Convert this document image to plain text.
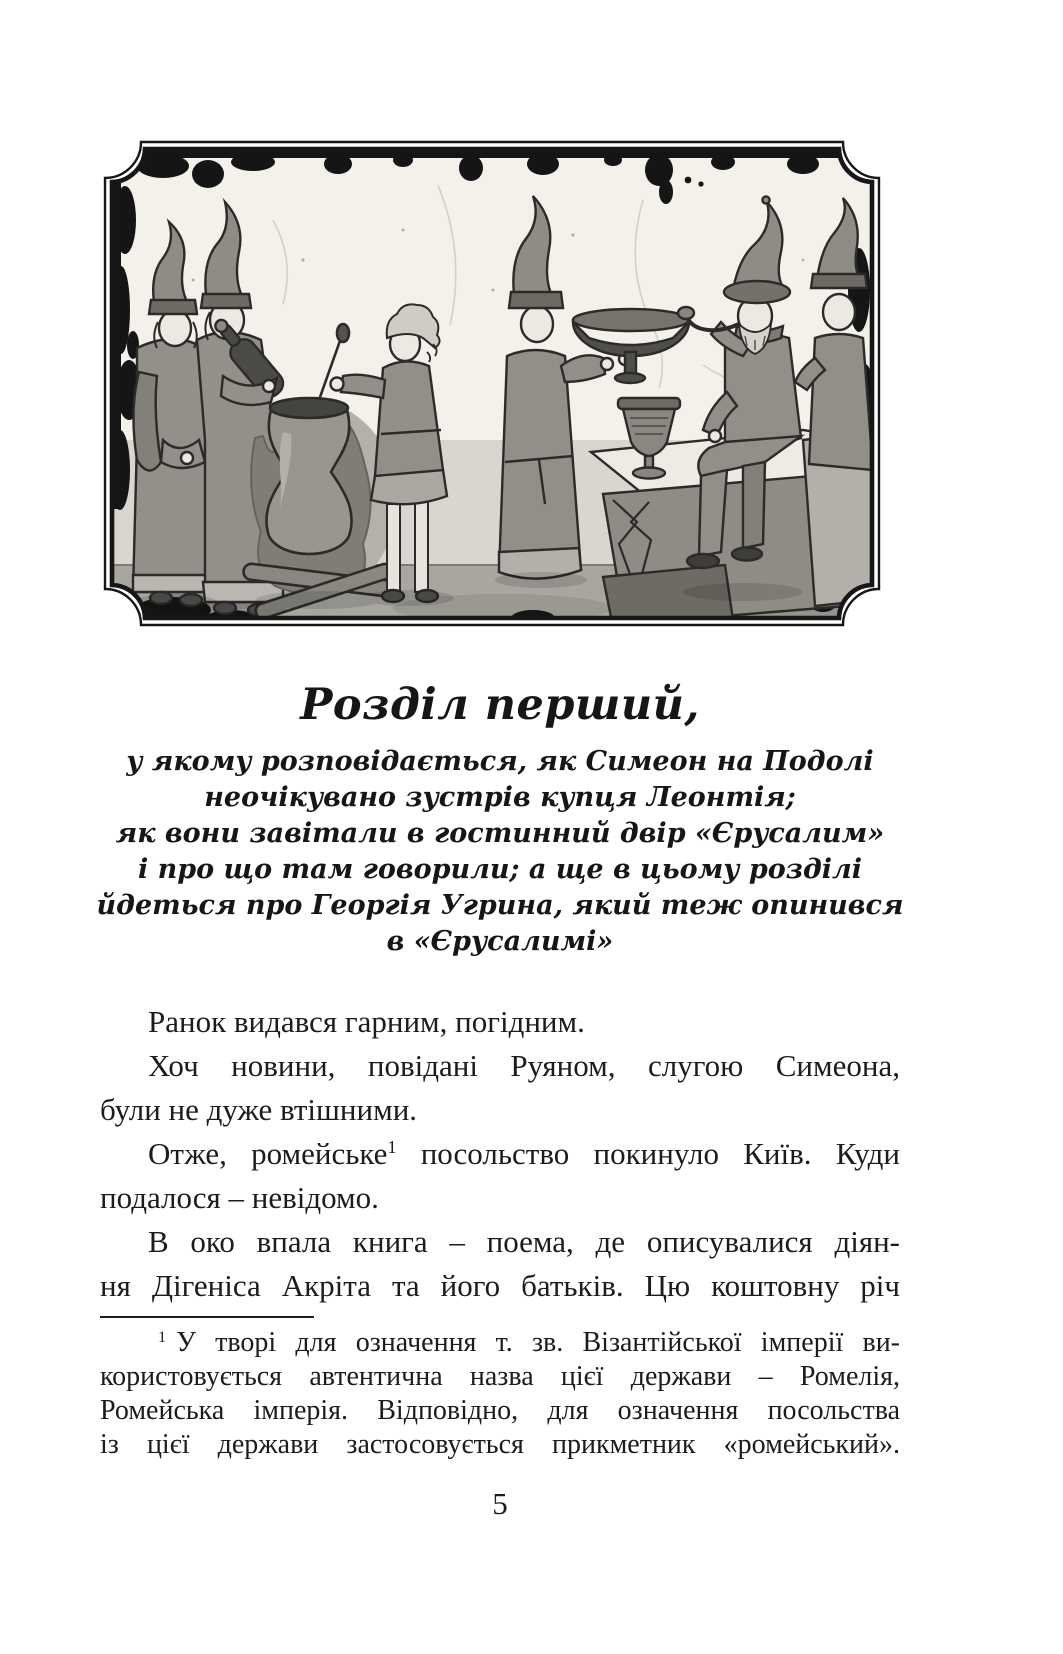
Розділ перший,
у якому розповідається, як Симеон на Подолі
неочікувано зустрів купця Леонтія;
як вони завітали в гостинний двір «Єрусалим»
і про що там говорили; а ще в цьому розділі
йдеться про Георгія Угрина, який теж опинився
в «Єрусалимі»
Ранок видався гарним, погідним.
Хоч новини, повідані Руяном, слугою Симеона,
були не дуже втішними.
Отже, ромейське$^1$ посольство покинуло Київ. Куди
подалося – невідомо.
В око впала книга – поема, де описувалися діян-
ня Дігеніса Акріта та його батьків. Цю коштовну річ
$^1$ У творі для означення т. зв. Візантійської імперії ви-
користовується автентична назва цієї держави – Ромелія,
Ромейська імперія. Відповідно, для означення посольства
із цієї держави застосовується прикметник «ромейський».
5
